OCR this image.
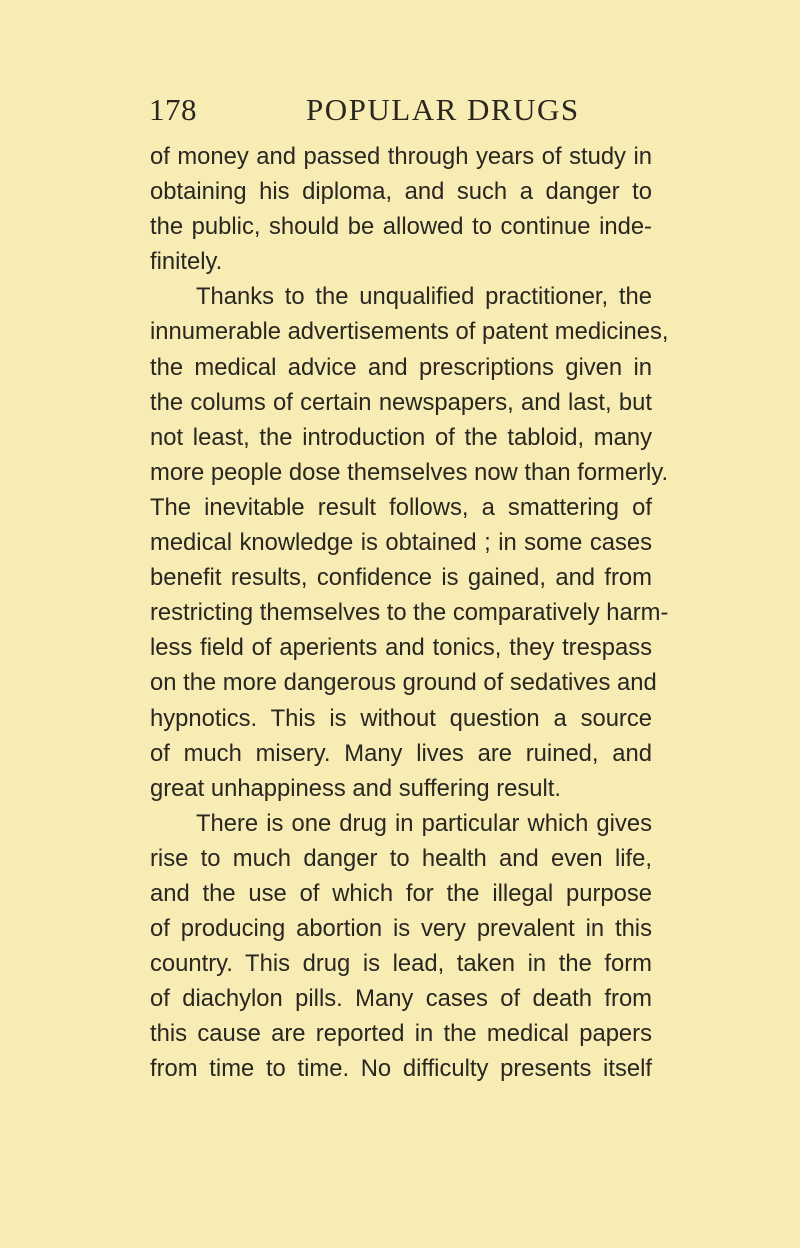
178	POPULAR DRUGS
of money and passed through years of study in
obtaining his diploma, and such a danger to
the public, should be allowed to continue inde-
finitely.
Thanks to the unqualified practitioner, the
innumerable advertisements of patent medicines,
the medical advice and prescriptions given in
the colums of certain newspapers, and last, but
not least, the introduction of the tabloid, many
more people dose themselves now than formerly.
The inevitable result follows, a smattering of
medical knowledge is obtained ; in some cases
benefit results, confidence is gained, and from
restricting themselves to the comparatively harm-
less field of aperients and tonics, they trespass
on the more dangerous ground of sedatives and
hypnotics. This is without question a source
of much misery. Many lives are ruined, and
great unhappiness and suffering result.
There is one drug in particular which gives
rise to much danger to health and even life,
and the use of which for the illegal purpose
of producing abortion is very prevalent in this
country. This drug is lead, taken in the form
of diachylon pills. Many cases of death from
this cause are reported in the medical papers
from time to time. No difficulty presents itself
